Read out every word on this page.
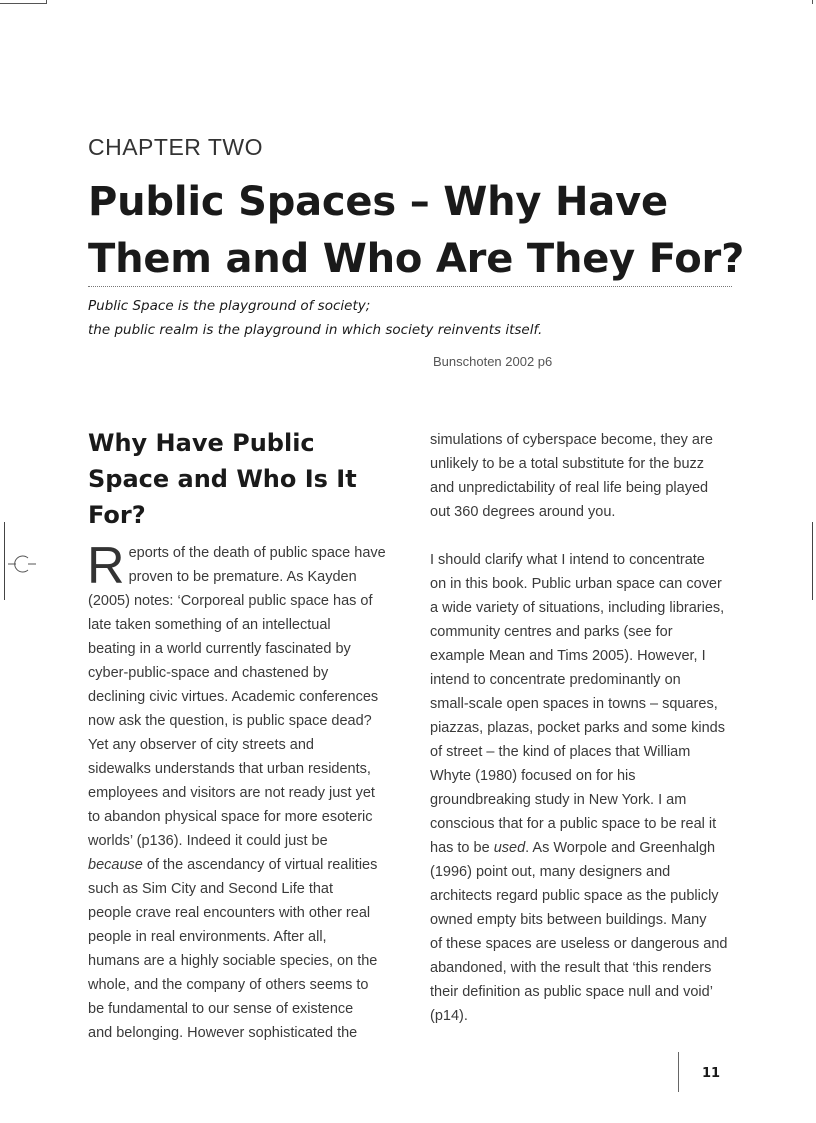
CHAPTER TWO
Public Spaces – Why Have Them and Who Are They For?
Public Space is the playground of society;
the public realm is the playground in which society reinvents itself.
Bunschoten 2002 p6
Why Have Public Space and Who Is It For?
R eports of the death of public space have
proven to be premature. As Kayden
(2005) notes: ‘Corporeal public space has of
late taken something of an intellectual
beating in a world currently fascinated by
cyber-public-space and chastened by
declining civic virtues. Academic conferences
now ask the question, is public space dead?
Yet any observer of city streets and
sidewalks understands that urban residents,
employees and visitors are not ready just yet
to abandon physical space for more esoteric
worlds’ (p136). Indeed it could just be
because of the ascendancy of virtual realities
such as Sim City and Second Life that
people crave real encounters with other real
people in real environments. After all,
humans are a highly sociable species, on the
whole, and the company of others seems to
be fundamental to our sense of existence
and belonging. However sophisticated the
simulations of cyberspace become, they are
unlikely to be a total substitute for the buzz
and unpredictability of real life being played
out 360 degrees around you.
I should clarify what I intend to concentrate
on in this book. Public urban space can cover
a wide variety of situations, including libraries,
community centres and parks (see for
example Mean and Tims 2005). However, I
intend to concentrate predominantly on
small-scale open spaces in towns – squares,
piazzas, plazas, pocket parks and some kinds
of street – the kind of places that William
Whyte (1980) focused on for his
groundbreaking study in New York. I am
conscious that for a public space to be real it
has to be used. As Worpole and Greenhalgh
(1996) point out, many designers and
architects regard public space as the publicly
owned empty bits between buildings. Many
of these spaces are useless or dangerous and
abandoned, with the result that ‘this renders
their definition as public space null and void’
(p14).
11
